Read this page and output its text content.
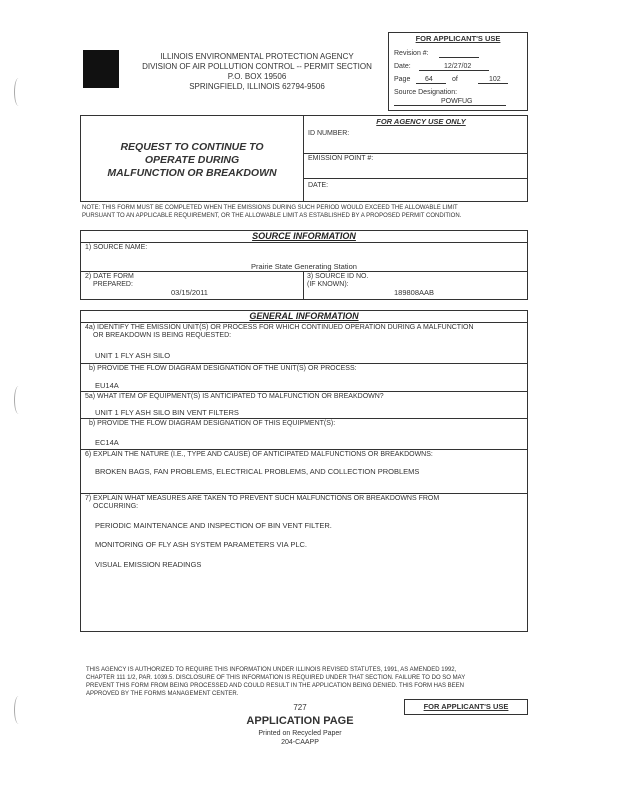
ILLINOIS ENVIRONMENTAL PROTECTION AGENCY
DIVISION OF AIR POLLUTION CONTROL -- PERMIT SECTION
P.O. BOX 19506
SPRINGFIELD, ILLINOIS 62794-9506
FOR APPLICANT'S USE
Revision #:
Date:	12/27/02
Page 64	of	102
Source Designation:
POWFUG
REQUEST TO CONTINUE TO
OPERATE DURING
MALFUNCTION OR BREAKDOWN
FOR AGENCY USE ONLY
ID NUMBER:
EMISSION POINT #:
DATE:
NOTE: THIS FORM MUST BE COMPLETED WHEN THE EMISSIONS DURING SUCH PERIOD WOULD EXCEED THE ALLOWABLE LIMIT
PURSUANT TO AN APPLICABLE REQUIREMENT, OR THE ALLOWABLE LIMIT AS ESTABLISHED BY A PROPOSED PERMIT CONDITION.
SOURCE INFORMATION
1) SOURCE NAME:
Prairie State Generating Station
2) DATE FORM
PREPARED:
03/15/2011
3) SOURCE ID NO.
(IF KNOWN):
189808AAB
GENERAL INFORMATION
4a) IDENTIFY THE EMISSION UNIT(S) OR PROCESS FOR WHICH CONTINUED OPERATION DURING A MALFUNCTION
OR BREAKDOWN IS BEING REQUESTED:
UNIT 1 FLY ASH SILO
b) PROVIDE THE FLOW DIAGRAM DESIGNATION OF THE UNIT(S) OR PROCESS:
EU14A
5a) WHAT ITEM OF EQUIPMENT(S) IS ANTICIPATED TO MALFUNCTION OR BREAKDOWN?
UNIT 1 FLY ASH SILO BIN VENT FILTERS
b) PROVIDE THE FLOW DIAGRAM DESIGNATION OF THIS EQUIPMENT(S):
EC14A
6) EXPLAIN THE NATURE (I.E., TYPE AND CAUSE) OF ANTICIPATED MALFUNCTIONS OR BREAKDOWNS:
BROKEN BAGS, FAN PROBLEMS, ELECTRICAL PROBLEMS, AND COLLECTION PROBLEMS
7) EXPLAIN WHAT MEASURES ARE TAKEN TO PREVENT SUCH MALFUNCTIONS OR BREAKDOWNS FROM
OCCURRING:
PERIODIC MAINTENANCE AND INSPECTION OF BIN VENT FILTER.
MONITORING OF FLY ASH SYSTEM PARAMETERS VIA PLC.
VISUAL EMISSION READINGS
THIS AGENCY IS AUTHORIZED TO REQUIRE THIS INFORMATION UNDER ILLINOIS REVISED STATUTES, 1991, AS AMENDED 1992,
CHAPTER 111 1/2, PAR. 1039.5. DISCLOSURE OF THIS INFORMATION IS REQUIRED UNDER THAT SECTION. FAILURE TO DO SO MAY
PREVENT THIS FORM FROM BEING PROCESSED AND COULD RESULT IN THE APPLICATION BEING DENIED. THIS FORM HAS BEEN
APPROVED BY THE FORMS MANAGEMENT CENTER.
727	FOR APPLICANT'S USE
APPLICATION PAGE
Printed on Recycled Paper
204-CAAPP
